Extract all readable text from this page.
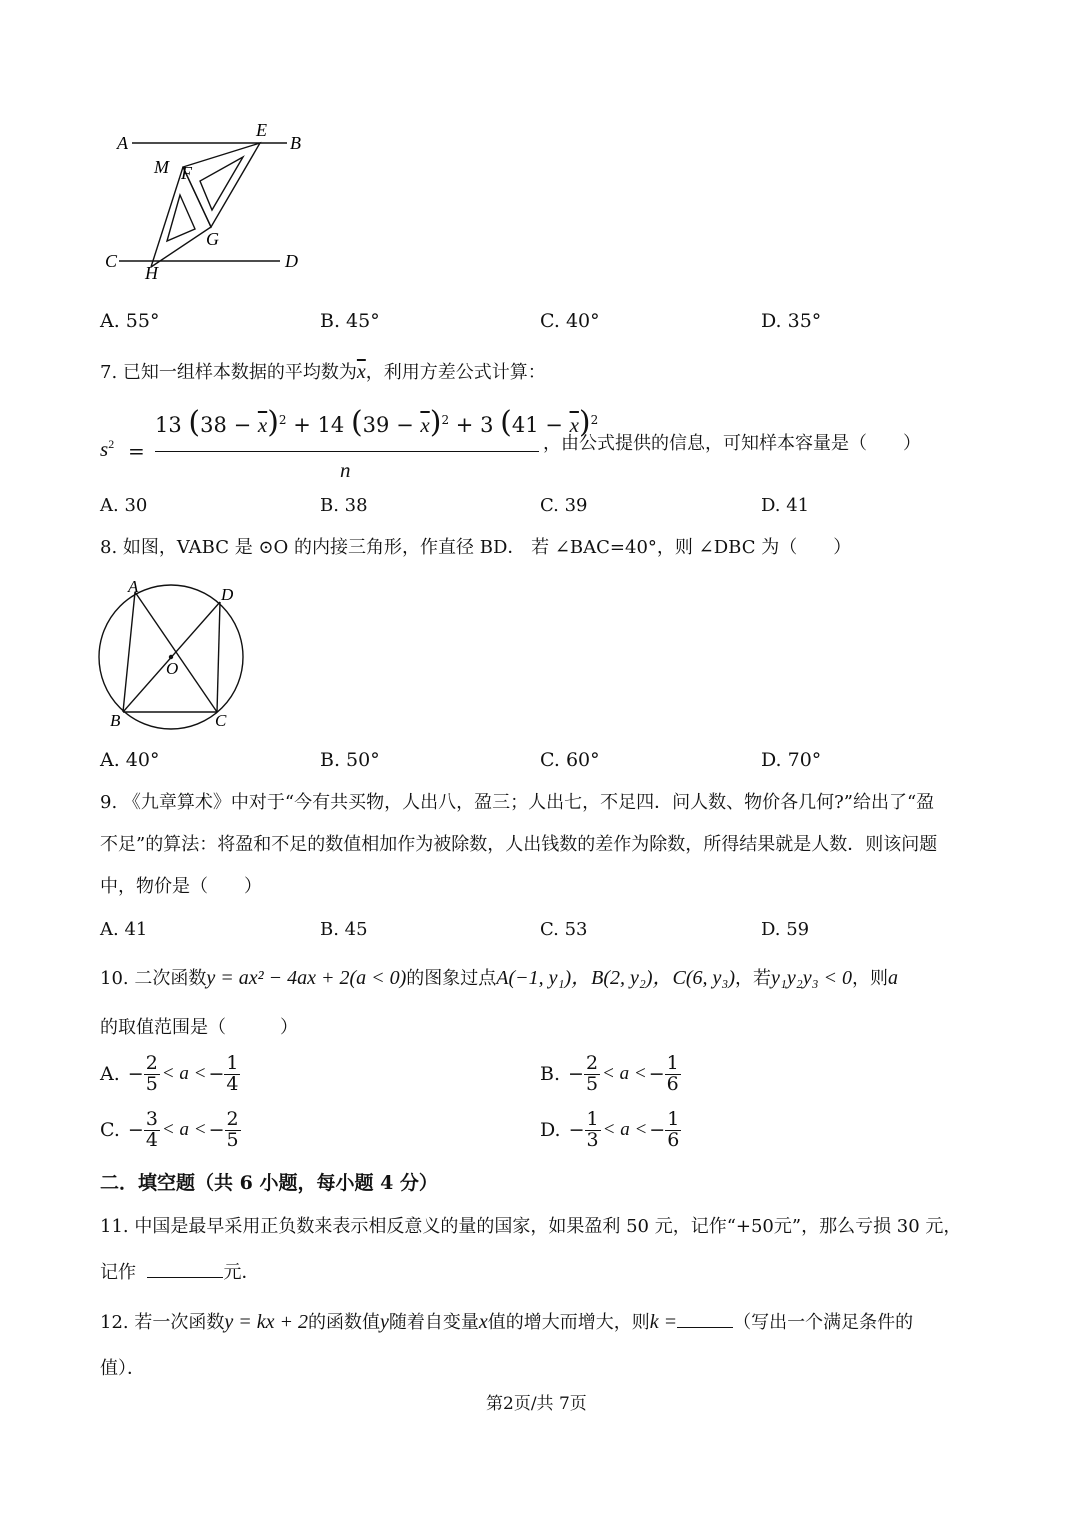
A
E
B
M F
G
C
H
D
A. 55°	B. 45°	C. 40°	D. 35°
7. 已知一组样本数据的平均数为$\overline{x}$，利用方差公式计算：
$s^2$ =
13 $(38 - \overline{x})^2 + 14$ $(39 - \overline{x})^2 + 3$ $(41 - \overline{x})^2$
n
，由公式提供的信息，可知样本容量是（　　）
A. 30	B. 38	C. 39	D. 41
8. 如图，VABC 是 ⊙O 的内接三角形，作直径 BD． 若 ∠BAC=40°，则 ∠DBC 为（　　）
A	D
O
B	C
A. 40°	B. 50°	C. 60°	D. 70°
9. 《九章算术》中对于“今有共买物，人出八，盈三；人出七，不足四．问人数、物价各几何?”给出了“盈
不足”的算法：将盈和不足的数值相加作为被除数，人出钱数的差作为除数，所得结果就是人数．则该问题
中，物价是（　　）
A. 41	B. 45	C. 53	D. 59
10. 二次函数y = ax² − 4ax + 2(a < 0)的图象过点A(−1, y₁)，B(2, y₂)，C(6, y₃)，若y₁y₂y₃ < 0，则a
的取值范围是（　　　）
A. − $\frac{2}{5} < a$ < − $\frac{1}{4}$	B. − $\frac{2}{5} < a$ < − $\frac{1}{6}$
C. − $\frac{3}{4} < a$ < − $\frac{2}{5}$	D. − $\frac{1}{3} < a$ < − $\frac{1}{6}$
二．填空题（共 6 小题，每小题 4 分）
11. 中国是最早采用正负数来表示相反意义的量的国家，如果盈利 50 元，记作“+50元”，那么亏损 30 元，
记作	元．
12. 若一次函数y = kx + 2的函数值y随着自变量x值的增大而增大，则k =	（写出一个满足条件的
值）．
第2页/共 7页
